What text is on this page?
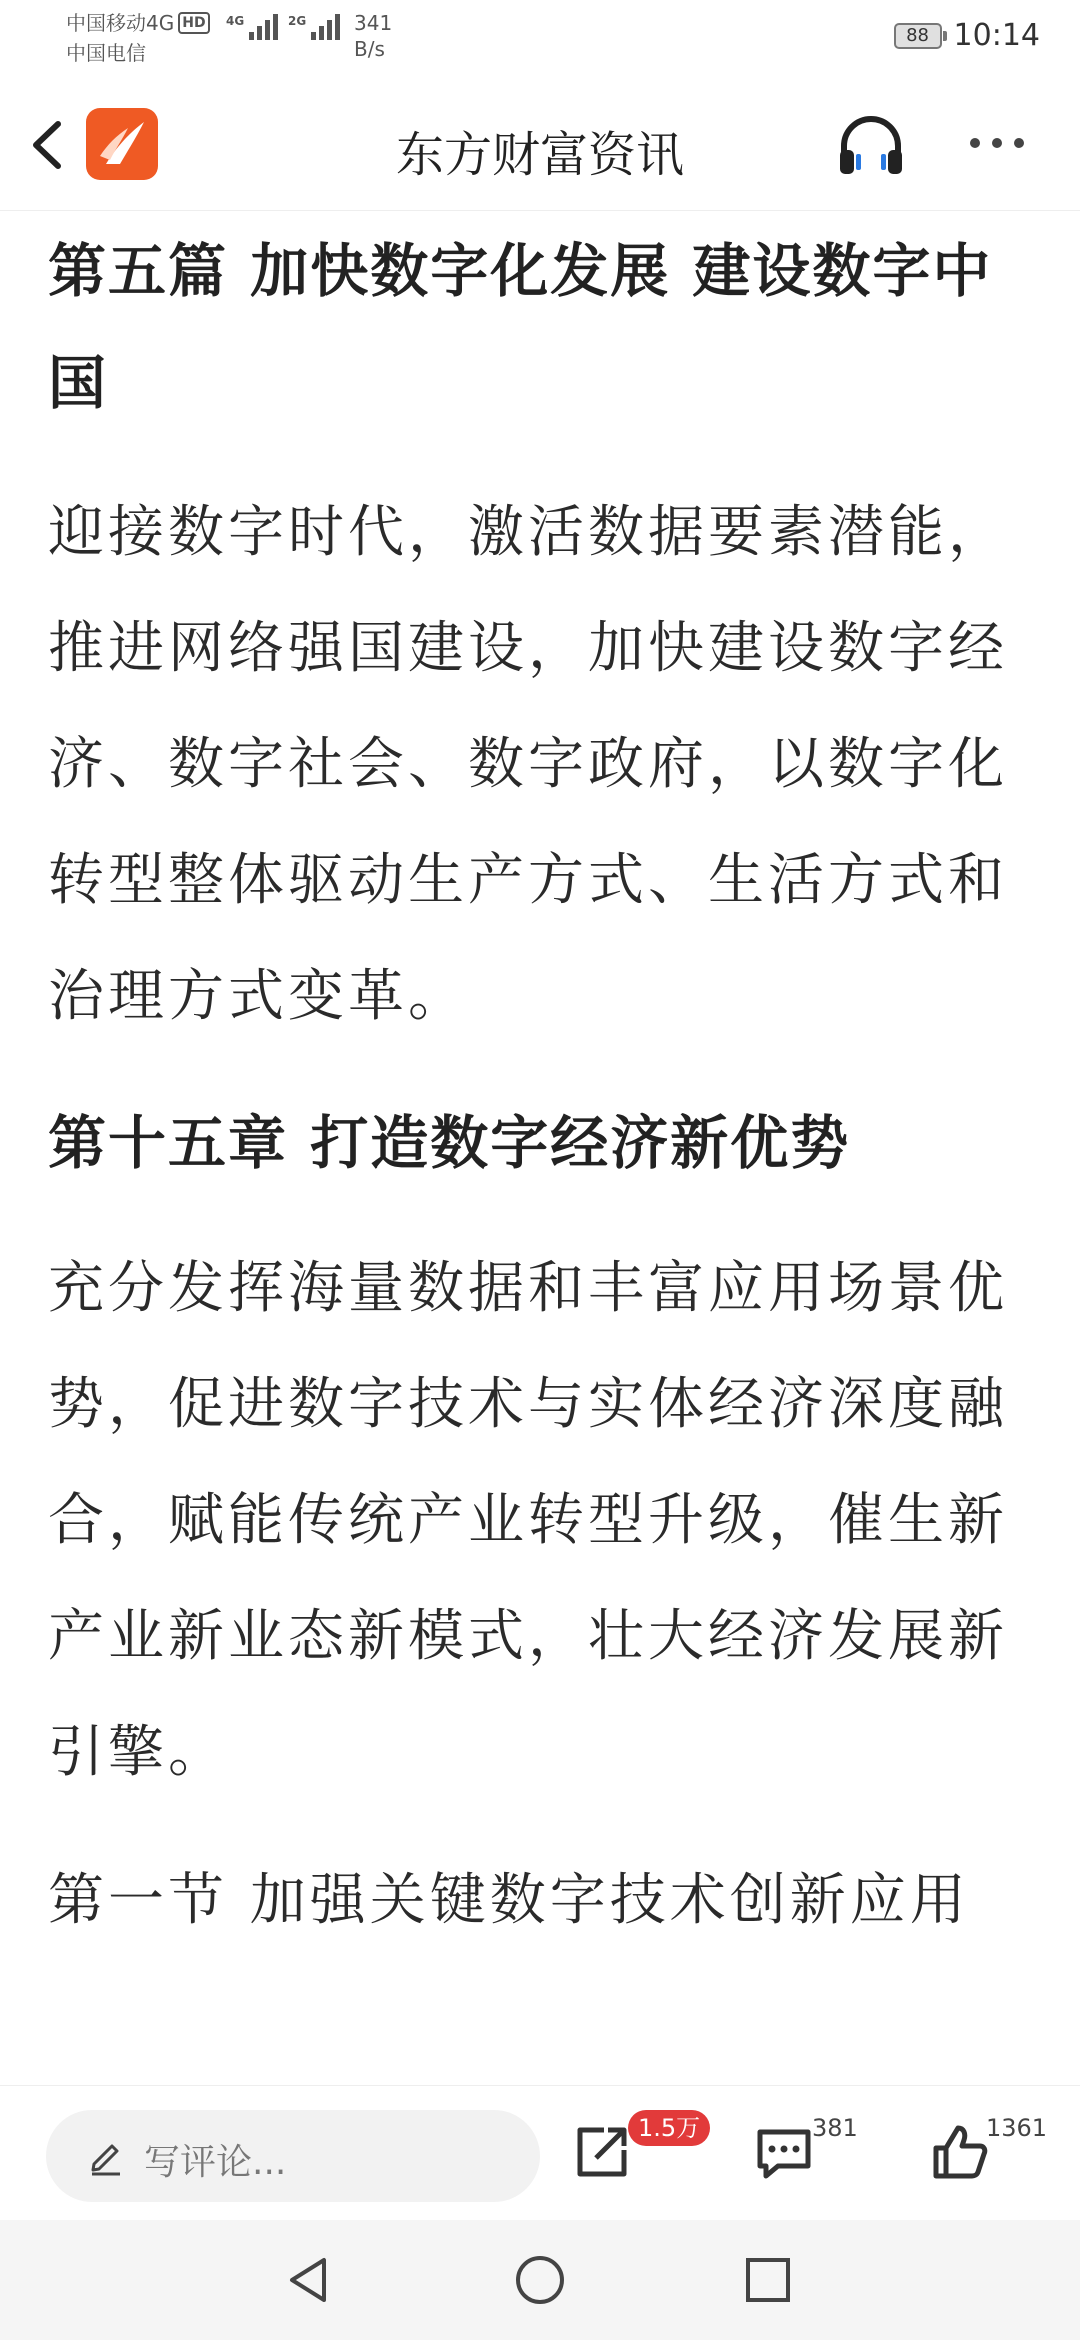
中国移动4G HD
中国电信
4G	2G 341
B/s
88 10:14
东方财富资讯

第五篇 加快数字化发展 建设数字中国

迎接数字时代，激活数据要素潜能，推进网络强国建设，加快建设数字经济、数字社会、数字政府，以数字化转型整体驱动生产方式、生活方式和治理方式变革。

第十五章 打造数字经济新优势

充分发挥海量数据和丰富应用场景优势，促进数字技术与实体经济深度融合，赋能传统产业转型升级，催生新产业新业态新模式，壮大经济发展新引擎。

第一节 加强关键数字技术创新应用

写评论...
1.5万	381	1361
